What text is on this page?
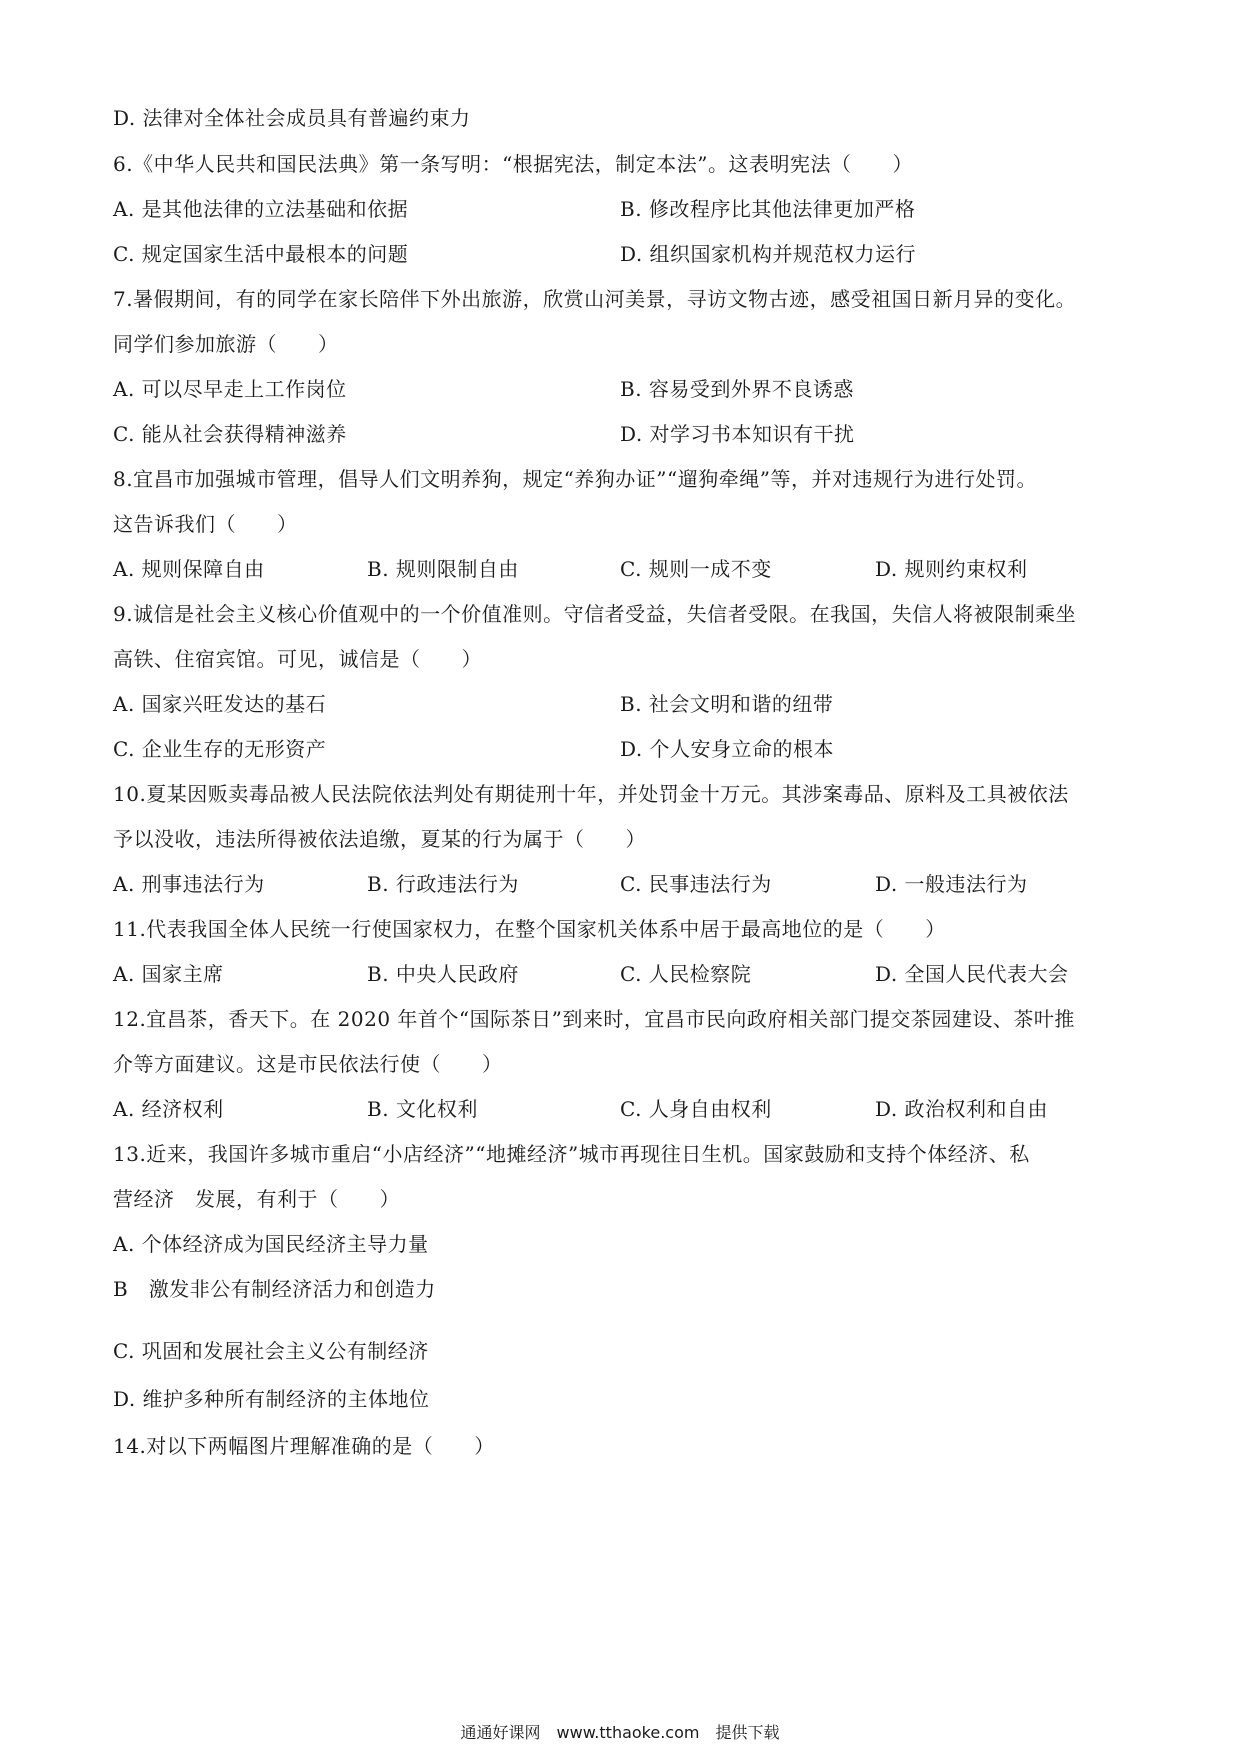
D. 法律对全体社会成员具有普遍约束力
6.《中华人民共和国民法典》第一条写明：“根据宪法，制定本法”。这表明宪法（　　）
A. 是其他法律的立法基础和依据	B. 修改程序比其他法律更加严格
C. 规定国家生活中最根本的问题	D. 组织国家机构并规范权力运行
7.暑假期间，有的同学在家长陪伴下外出旅游，欣赏山河美景，寻访文物古迹，感受祖国日新月异的变化。
同学们参加旅游（　　）
A. 可以尽早走上工作岗位	B. 容易受到外界不良诱惑
C. 能从社会获得精神滋养	D. 对学习书本知识有干扰
8.宜昌市加强城市管理，倡导人们文明养狗，规定“养狗办证”“遛狗牵绳”等，并对违规行为进行处罚。
这告诉我们（　　）
A. 规则保障自由	B. 规则限制自由	C. 规则一成不变	D. 规则约束权利
9.诚信是社会主义核心价值观中的一个价值准则。守信者受益，失信者受限。在我国，失信人将被限制乘坐
高铁、住宿宾馆。可见，诚信是（　　）
A. 国家兴旺发达的基石	B. 社会文明和谐的纽带
C. 企业生存的无形资产	D. 个人安身立命的根本
10.夏某因贩卖毒品被人民法院依法判处有期徒刑十年，并处罚金十万元。其涉案毒品、原料及工具被依法
予以没收，违法所得被依法追缴，夏某的行为属于（　　）
A. 刑事违法行为	B. 行政违法行为	C. 民事违法行为	D. 一般违法行为
11.代表我国全体人民统一行使国家权力，在整个国家机关体系中居于最高地位的是（　　）
A. 国家主席	B. 中央人民政府	C. 人民检察院	D. 全国人民代表大会
12.宜昌茶，香天下。在 2020 年首个“国际茶日”到来时，宜昌市民向政府相关部门提交茶园建设、茶叶推
介等方面建议。这是市民依法行使（　　）
A. 经济权利	B. 文化权利	C. 人身自由权利	D. 政治权利和自由
13.近来，我国许多城市重启“小店经济”“地摊经济”城市再现往日生机。国家鼓励和支持个体经济、私
营经济　发展，有利于（　　）
A. 个体经济成为国民经济主导力量
B　激发非公有制经济活力和创造力
C. 巩固和发展社会主义公有制经济
D. 维护多种所有制经济的主体地位
14.对以下两幅图片理解准确的是（　　）
通通好课网　www.tthaoke.com　提供下载
